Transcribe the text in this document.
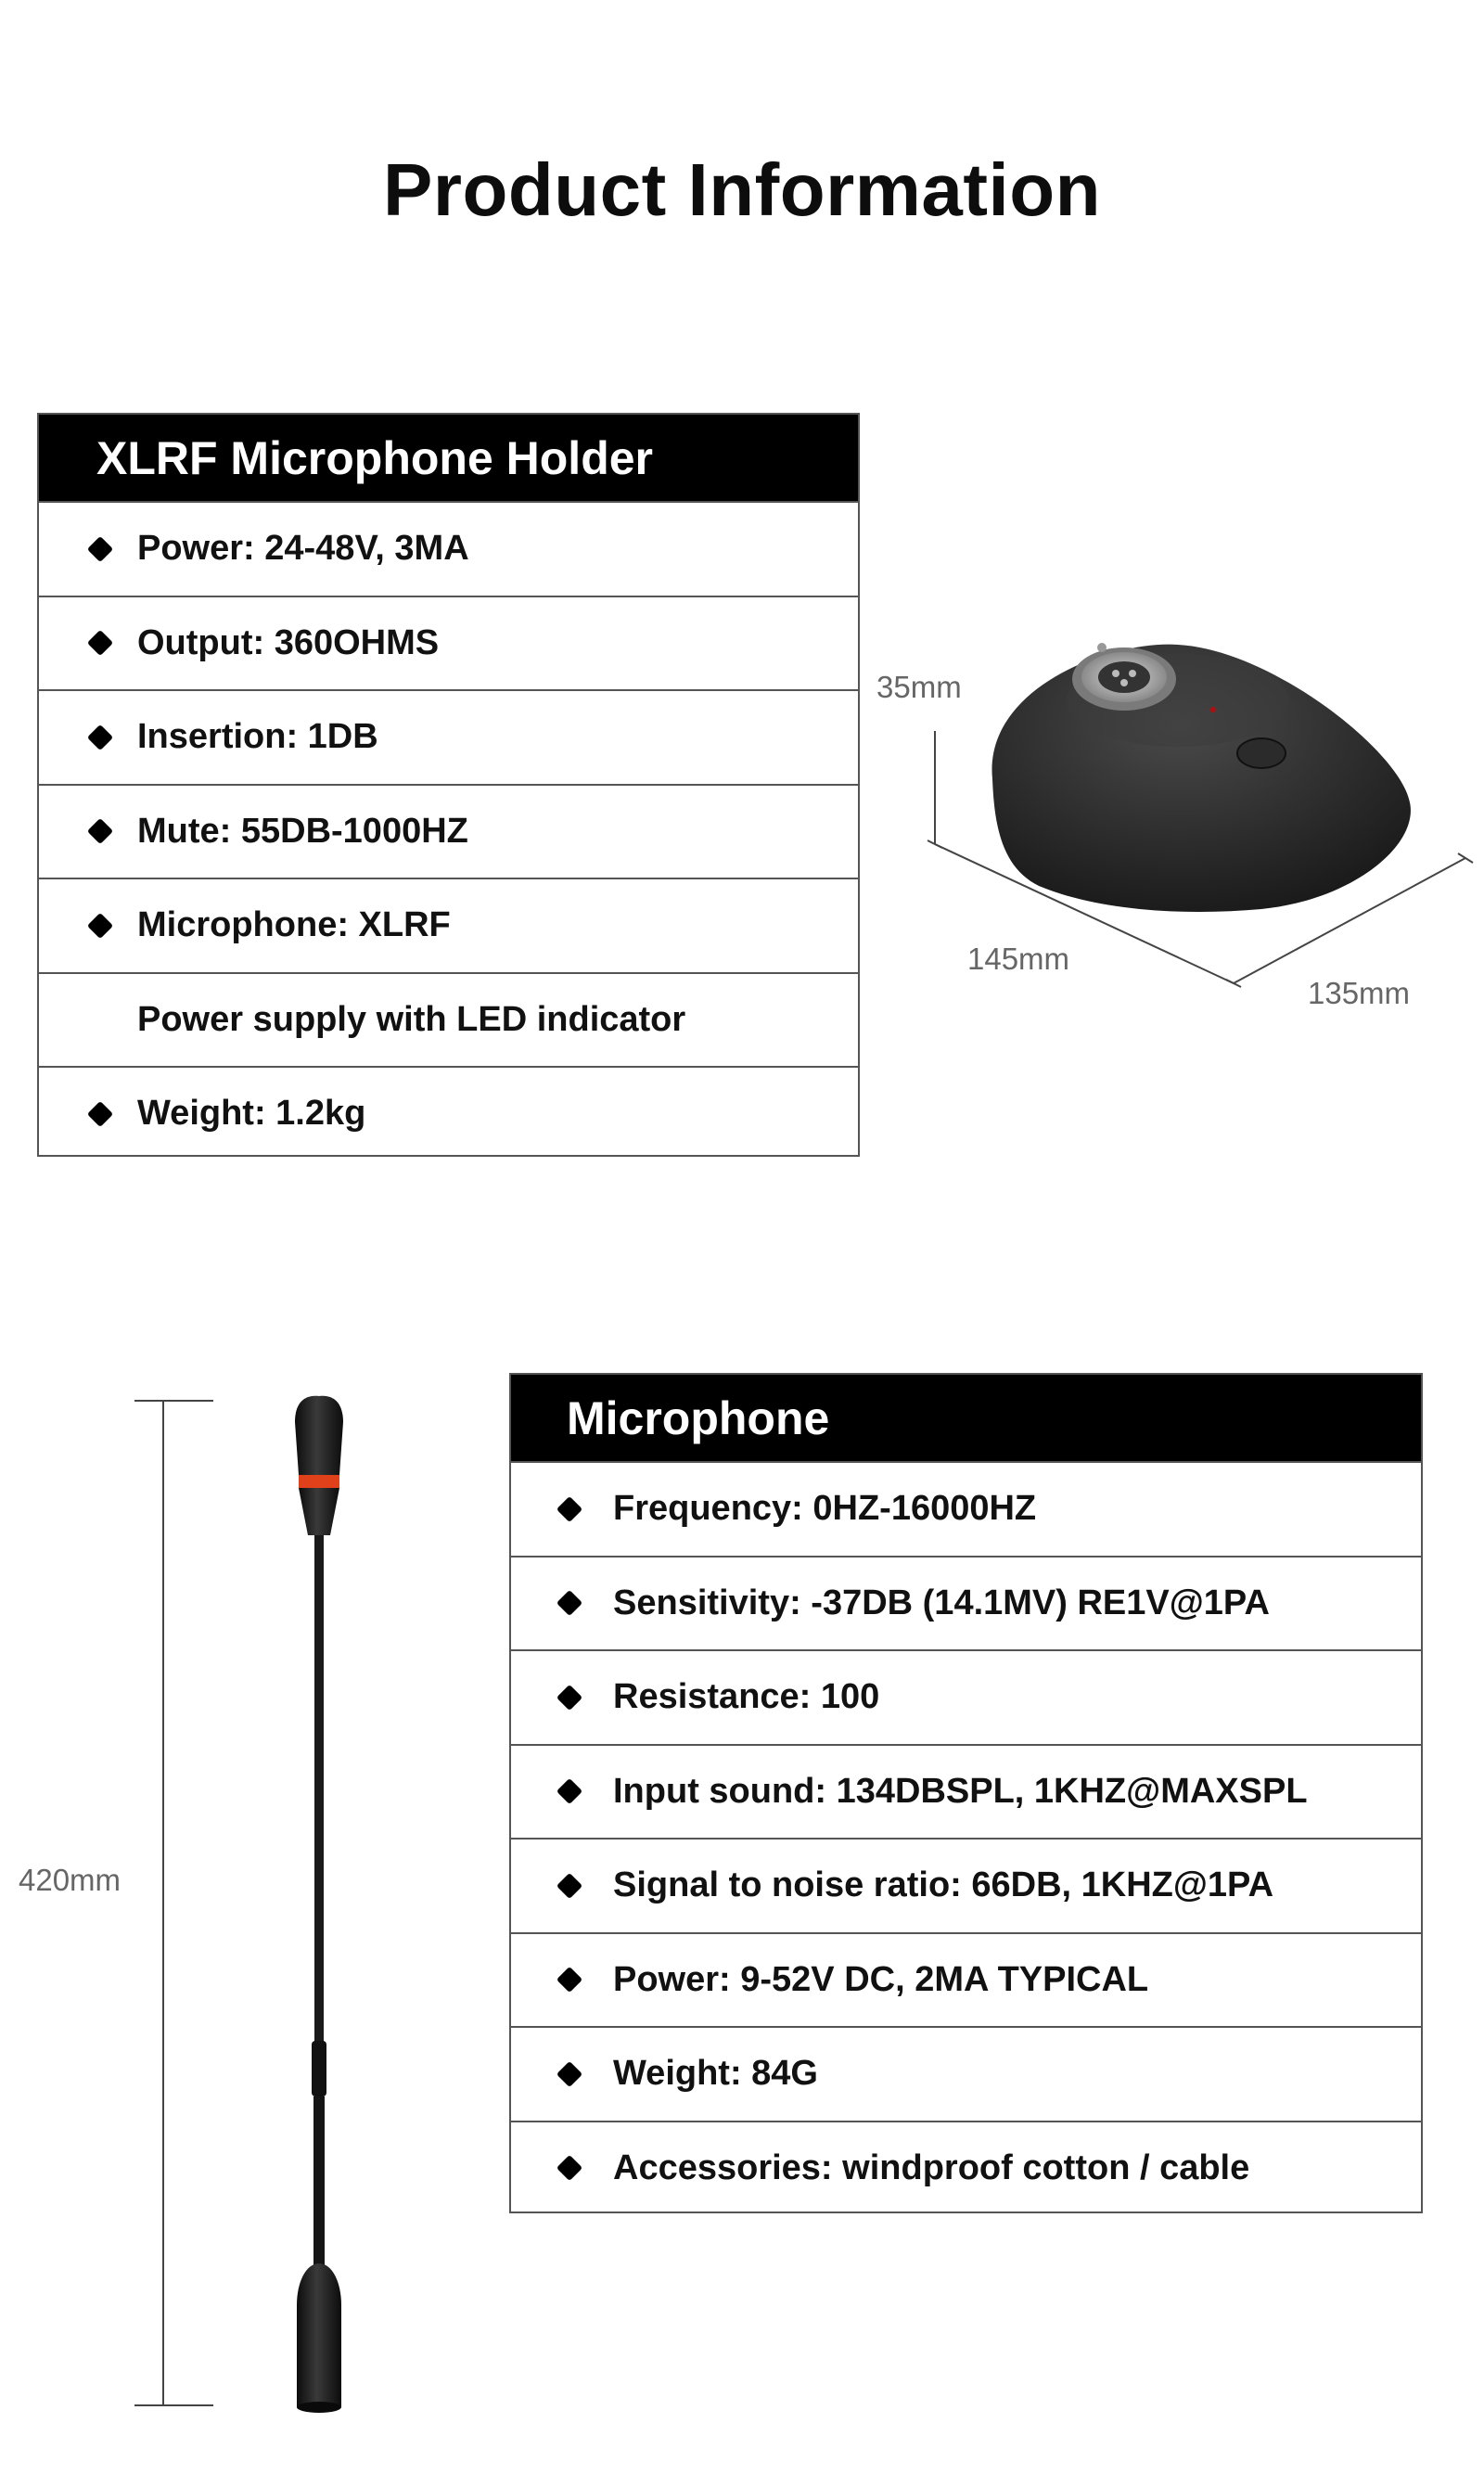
Product Information
XLRF Microphone Holder
Power: 24-48V, 3MA
Output: 360OHMS
Insertion: 1DB
Mute: 55DB-1000HZ
Microphone: XLRF
Power supply with LED indicator
Weight: 1.2kg
35mm
145mm
135mm
420mm
Microphone
Frequency: 0HZ-16000HZ
Sensitivity: -37DB (14.1MV) RE1V@1PA
Resistance: 100
Input sound: 134DBSPL, 1KHZ@MAXSPL
Signal to noise ratio: 66DB, 1KHZ@1PA
Power: 9-52V DC, 2MA TYPICAL
Weight: 84G
Accessories: windproof cotton / cable
